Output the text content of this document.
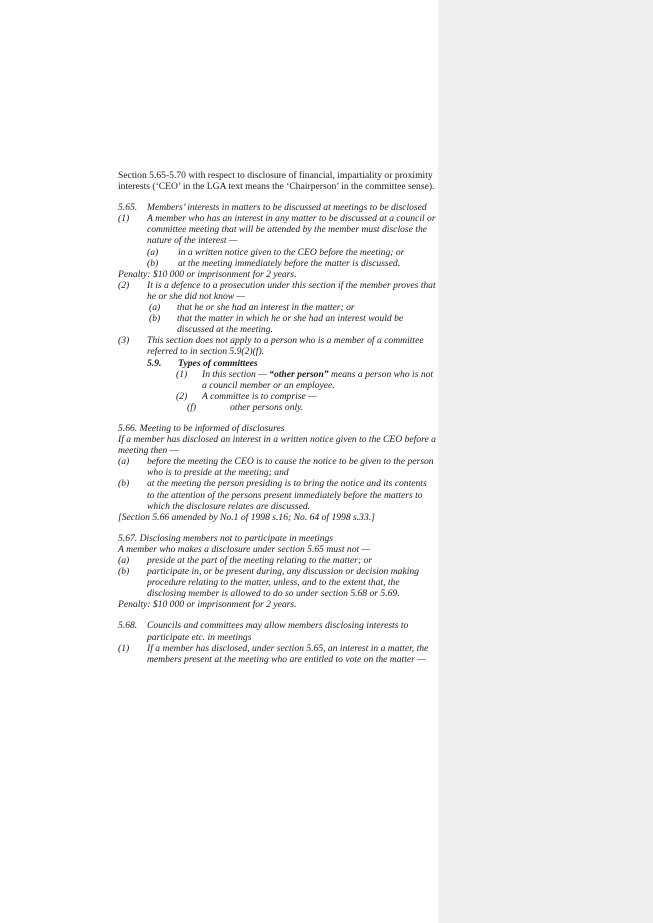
Section 5.65-5.70 with respect to disclosure of financial, impartiality or proximity interests (‘CEO’ in the LGA text means the ‘Chairperson’ in the committee sense).

5.65.	Members’ interests in matters to be discussed at meetings to be disclosed
(1)	A member who has an interest in any matter to be discussed at a council or committee meeting that will be attended by the member must disclose the nature of the interest —
(a)	in a written notice given to the CEO before the meeting; or
(b)	at the meeting immediately before the matter is discussed.

Penalty: $10 000 or imprisonment for 2 years.

(2)	It is a defence to a prosecution under this section if the member proves that he or she did not know —
(a)	that he or she had an interest in the matter; or
(b)	that the matter in which he or she had an interest would be discussed at the meeting.
(3)	This section does not apply to a person who is a member of a committee referred to in section 5.9(2)(f).
5.9.	Types of committees
(1)	In this section — “other person” means a person who is not a council member or an employee.
(2)	A committee is to comprise —
(f)	other persons only.

5.66. Meeting to be informed of disclosures

If a member has disclosed an interest in a written notice given to the CEO before a meeting then —

(a)	before the meeting the CEO is to cause the notice to be given to the person who is to preside at the meeting; and
(b)	at the meeting the person presiding is to bring the notice and its contents to the attention of the persons present immediately before the matters to which the disclosure relates are discussed.

[Section 5.66 amended by No.1 of 1998 s.16; No. 64 of 1998 s.33.]

5.67. Disclosing members not to participate in meetings

A member who makes a disclosure under section 5.65 must not —

(a)	preside at the part of the meeting relating to the matter; or
(b)	participate in, or be present during, any discussion or decision making procedure relating to the matter, unless, and to the extent that, the disclosing member is allowed to do so under section 5.68 or 5.69.

Penalty: $10 000 or imprisonment for 2 years.

5.68.	Councils and committees may allow members disclosing interests to participate etc. in meetings
(1)	If a member has disclosed, under section 5.65, an interest in a matter, the members present at the meeting who are entitled to vote on the matter —
